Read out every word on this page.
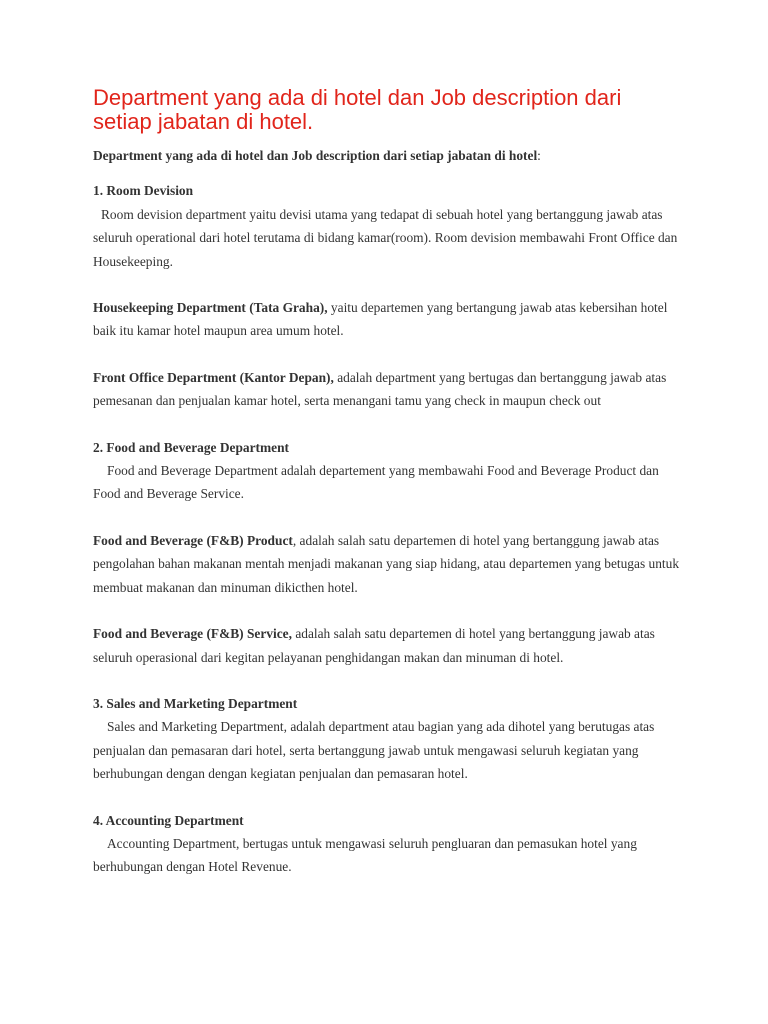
Department yang ada di hotel dan Job description dari setiap jabatan di hotel.

Department yang ada di hotel dan Job description dari setiap jabatan di hotel:

1. Room Devision

Room devision department yaitu devisi utama yang tedapat di sebuah hotel yang bertanggung jawab atas seluruh operational dari hotel terutama di bidang kamar(room). Room devision membawahi Front Office dan Housekeeping.

Housekeeping Department (Tata Graha), yaitu departemen yang bertangung jawab atas kebersihan hotel baik itu kamar hotel maupun area umum hotel.

Front Office Department (Kantor Depan), adalah department yang bertugas dan bertanggung jawab atas pemesanan dan penjualan kamar hotel, serta menangani tamu yang check in maupun check out

2. Food and Beverage Department

Food and Beverage Department adalah departement yang membawahi Food and Beverage Product dan Food and Beverage Service.

Food and Beverage (F&B) Product, adalah salah satu departemen di hotel yang bertanggung jawab atas pengolahan bahan makanan mentah menjadi makanan yang siap hidang, atau departemen yang betugas untuk membuat makanan dan minuman dikicthen hotel.

Food and Beverage (F&B) Service, adalah salah satu departemen di hotel yang bertanggung jawab atas seluruh operasional dari kegitan pelayanan penghidangan makan dan minuman di hotel.

3. Sales and Marketing Department

Sales and Marketing Department, adalah department atau bagian yang ada dihotel yang berutugas atas penjualan dan pemasaran dari hotel, serta bertanggung jawab untuk mengawasi seluruh kegiatan yang berhubungan dengan dengan kegiatan penjualan dan pemasaran hotel.

4. Accounting Department

Accounting Department, bertugas untuk mengawasi seluruh pengluaran dan pemasukan hotel yang berhubungan dengan Hotel Revenue.
